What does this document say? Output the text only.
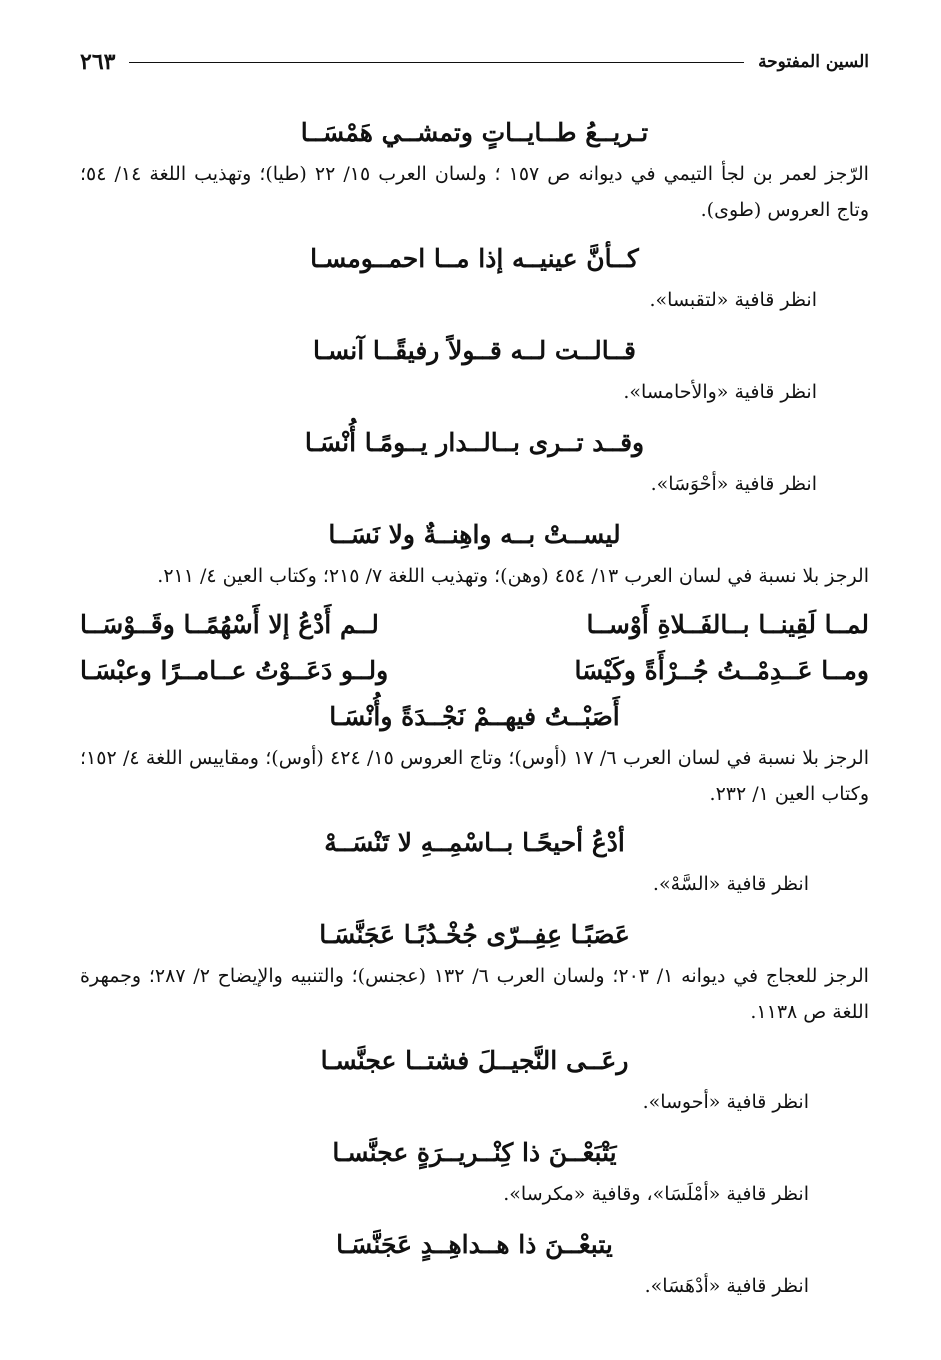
السين المفتوحة
٢٦٣

تـريــعُ طــايــاتٍ وتمشــي هَمْسَــا

الرّجز لعمر بن لجأ التيمي في ديوانه ص ١٥٧ ؛ ولسان العرب ١٥/ ٢٢ (طيا)؛ وتهذيب اللغة ١٤/ ٥٤؛ وتاج العروس (طوى).

كــأنَّ عينيــه إذا مــا احمــومسـا

انظر قافية «لتقبسا».

قــالــت لــه قــولاً رفيقًــا آنسـا

انظر قافية «والأحامسا».

وقــد تــرى بــالــدار يــومًـا أُنْسَـا

انظر قافية «أحْوَسَا».

ليســتْ بــه واهِنــةٌ ولا نَسَــا

الرجز بلا نسبة في لسان العرب ١٣/ ٤٥٤ (وهن)؛ وتهذيب اللغة ٧/ ٢١٥؛ وكتاب العين ٤/ ٢١١.

لمــا لَقِينــا بــالفَــلاةِ أَوْســا
لــم أَدْعُ إلا أَسْهُمًــا وقَــوْسَــا
ومــا عَــدِمْــتُ جُــرْأَةً وكَيْسَا
ولــو دَعَــوْتُ عــامــرًا وعبْسَـا

أَصَبْــتُ فيهــمْ نَجْــدَةً وأُنْسَـا

الرجز بلا نسبة في لسان العرب ٦/ ١٧ (أوس)؛ وتاج العروس ١٥/ ٤٢٤ (أوس)؛ ومقاييس اللغة ٤/ ١٥٢؛ وكتاب العين ١/ ٢٣٢.

أدْعُ أحيحًـا بــاسْمِــهِ لا تَنْسَــهْ

انظر قافية «السَّهْ».

عَصَبًـا عِفِــرّى جُخْـدُبًـا عَجَنَّسَـا

الرجز للعجاج في ديوانه ١/ ٢٠٣؛ ولسان العرب ٦/ ١٣٢ (عجنس)؛ والتنبيه والإيضاح ٢/ ٢٨٧؛ وجمهرة اللغة ص ١١٣٨.

رعَــى النَّجيــلَ فشتــا عجنَّسـا

انظر قافية «أحوسا».

يَتْبَعْــنَ ذا كِنْــريــرَةٍ عجنَّسـا

انظر قافية «أمْلَسَا»، وقافية «مكرسا».

يتبعْــنَ ذا هــداهِــدٍ عَجَنَّسَـا

انظر قافية «أدْهَسَا».
